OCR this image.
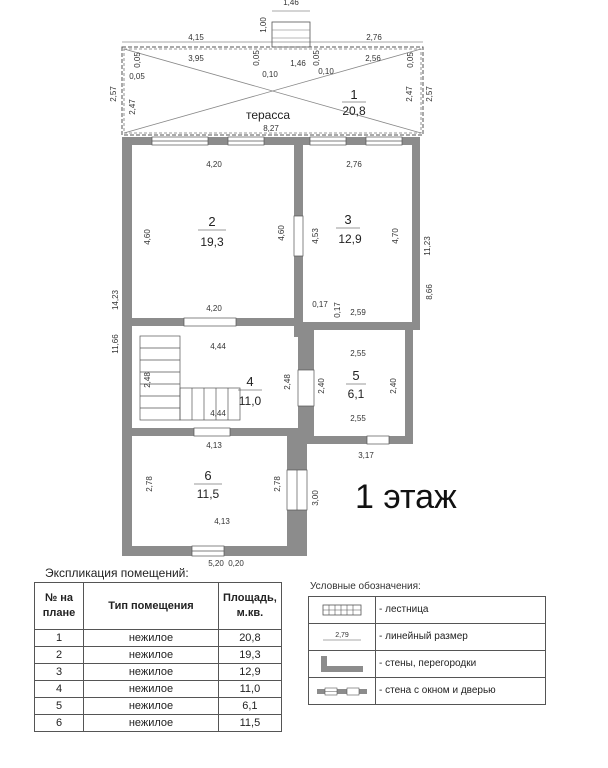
1
20,8
терасса
2
19,3
3
12,9
4
11,0
5
6,1
6
11,5
1,46
1,00
4,15	2,76
0,05	0,05	0,05	0,05
0,05
3,95
0,10	0,10
1,46
2,56
2,57
2,47
2,47 2,57
8,27
4,20	2,76
4,60	4,60	4,53	4,70
11,23
8,66
14,23	0,17 0,17 2,59
4,20
11,66	4,44
2,48	2,48
4,44
2,55
2,40	2,40
2,55
3,17
4,13
2,78	2,78
3,00
4,13
5,20 0,20
1 этаж
Экспликация помещений:
№ на плане	Тип помещения	Площадь, м.кв.
1	нежилое	20,8
2	нежилое	19,3
3	нежилое	12,9
4	нежилое	11,0
5	нежилое	6,1
6	нежилое	11,5
Условные обозначения:
- лестница
2,79	- линейный размер
- стены, перегородки
- стена с окном и дверью
